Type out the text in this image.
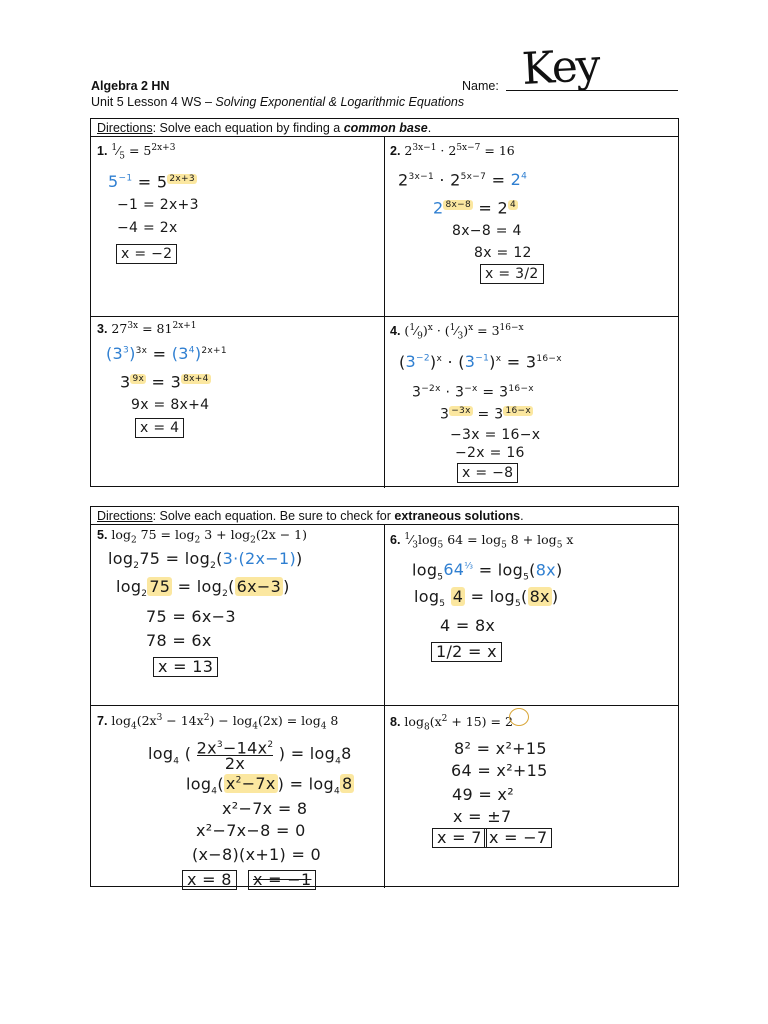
Algebra 2 HN	Name: Key
Unit 5 Lesson 4 WS – Solving Exponential & Logarithmic Equations
Directions: Solve each equation by finding a common base.
1. $^1⁄_5 = 5^{2x+3}$
$5^{-1} = 5$ $^{2x+3}$
−1 = 2x+3
−4 = 2x
x = −2
2. $2^{3x-1} \cdot 2^{5x-7} = 16$
$2^{3x-1} \cdot 2^{5x-7} = 2^4$
2 $^{8x-8}$ = 2 $^4$
8x−8 = 4
8x = 12
x = 3/2
3. $27^{3x} = 81^{2x+1}$
$(3^3)^{3x} = (3^4)^{2x+1}$
3 $^{9x}$ = 3 $^{8x+4}$
9x = 8x+4
x = 4
4. $(^1⁄_9)^x$ · $(^1⁄_3)^x = 3^{16-x}$
$(3^{-2})^x \cdot (3^{-1})^x = 3^{16-x}$
$3^{-2x} \cdot 3^{-x} = 3^{16-x}$
3 $^{-3x}$ = 3 $^{16-x}$
−3x = 16−x
−2x = 16
x = −8
Directions: Solve each equation. Be sure to check for extraneous solutions.
5. $\log_2 75 = \log_2 3 + \log_2(2x - 1)$
$\log_275 = \log_2(3\cdot(2x-1))$
$\log_2 75 = \log_2$( 6x−3 )
75 = 6x−3
78 = 6x
x = 13
6. $^1⁄_3\log_5$ $64 = \log_5 8 + \log_5 x$
$\log_564^{\frac{1}{3}} = \log_5(8x)$
$\log_5 4 = \log_5$( 8x )
4 = 8x
1/2 = x
7. $\log_4(2x^3 - 14x^2) - \log_4(2x) = \log_4 8$
$\log_4$ ( $\frac{2x^3-14x^2}{2x}$ ) = $\log_48$
$\log_4$( $x^2-7x$ ) = $\log_4 8$
x²−7x = 8
x²−7x−8 = 0
(x−8)(x+1) = 0
x = 8	x = −1
8. $\log_8(x^2 + 15) = 2$
8² = x²+15
64 = x²+15
49 = x²
x = ±7
x = 7 x = −7
